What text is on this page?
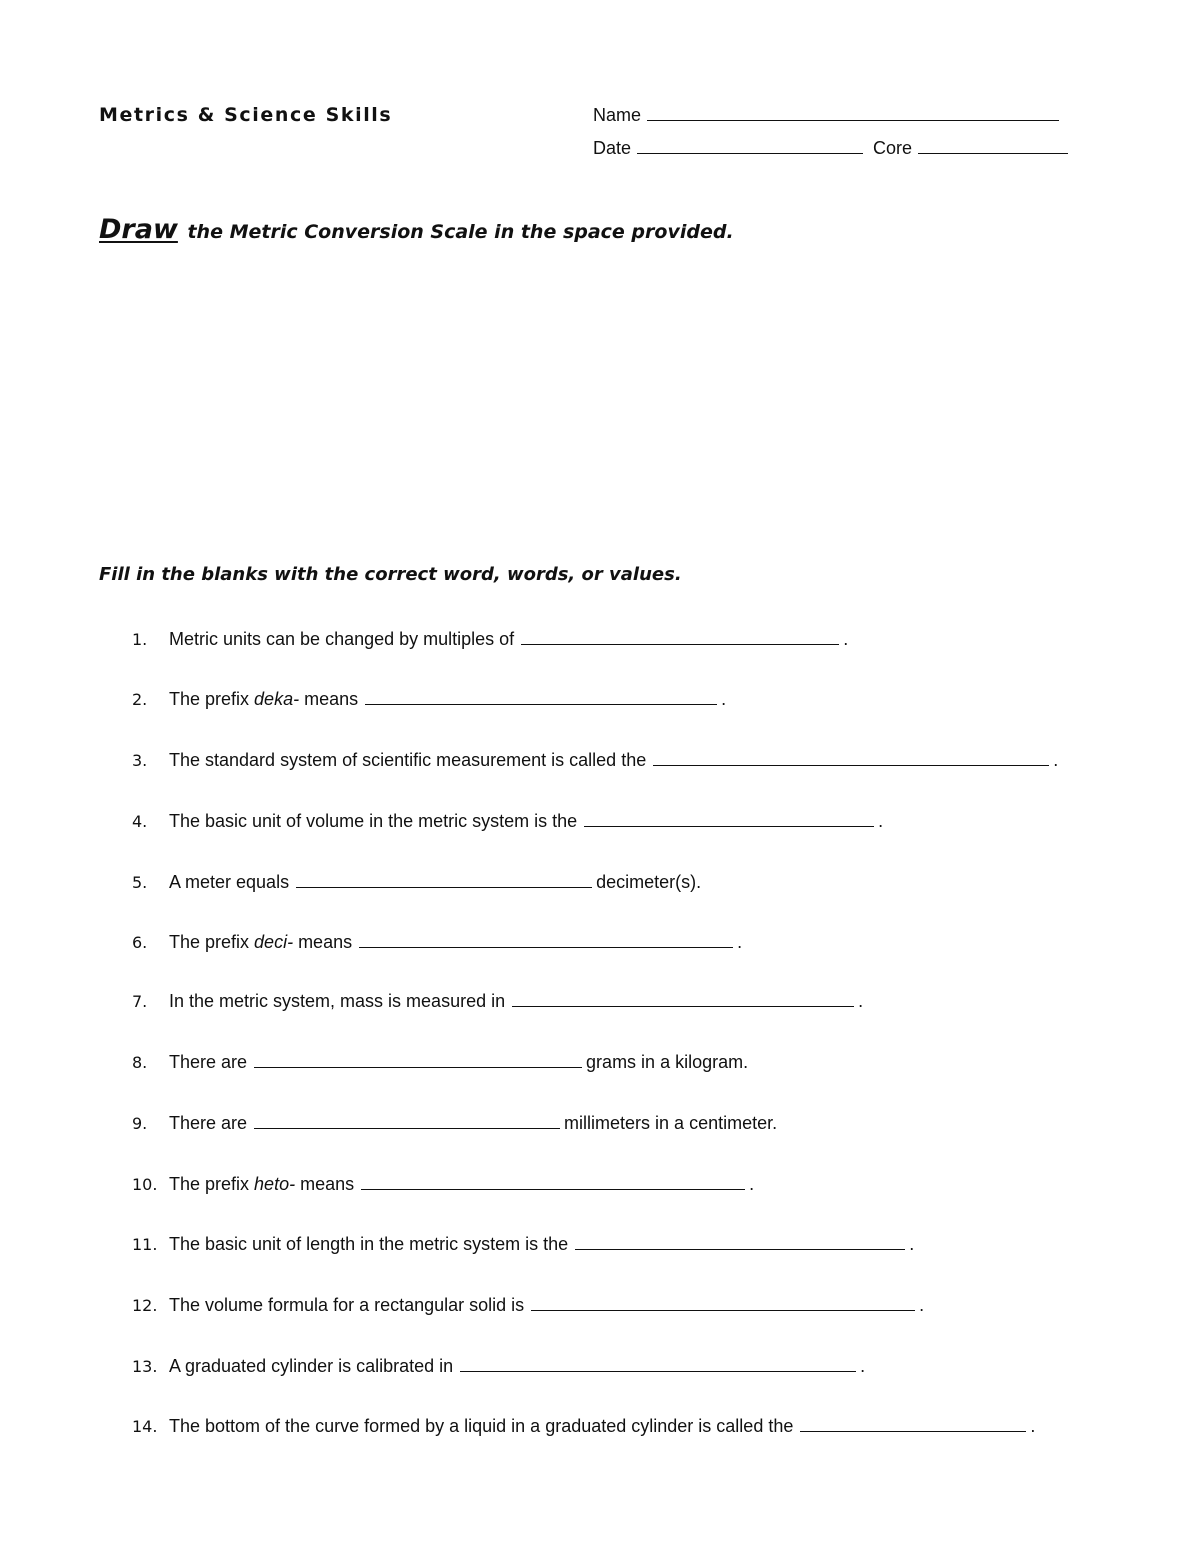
Metrics & Science Skills	Name
Date	Core
Draw the Metric Conversion Scale in the space provided.
Fill in the blanks with the correct word, words, or values.
1.	Metric units can be changed by multiples of	.
2.	The prefix deka- means	.
3.	The standard system of scientific measurement is called the	.
4.	The basic unit of volume in the metric system is the	.
5.	A meter equals	decimeter(s).
6.	The prefix deci- means	.
7.	In the metric system, mass is measured in	.
8.	There are	grams in a kilogram.
9.	There are	millimeters in a centimeter.
10. The prefix heto- means	.
11. The basic unit of length in the metric system is the	.
12. The volume formula for a rectangular solid is	.
13. A graduated cylinder is calibrated in	.
14. The bottom of the curve formed by a liquid in a graduated cylinder is called the	.
